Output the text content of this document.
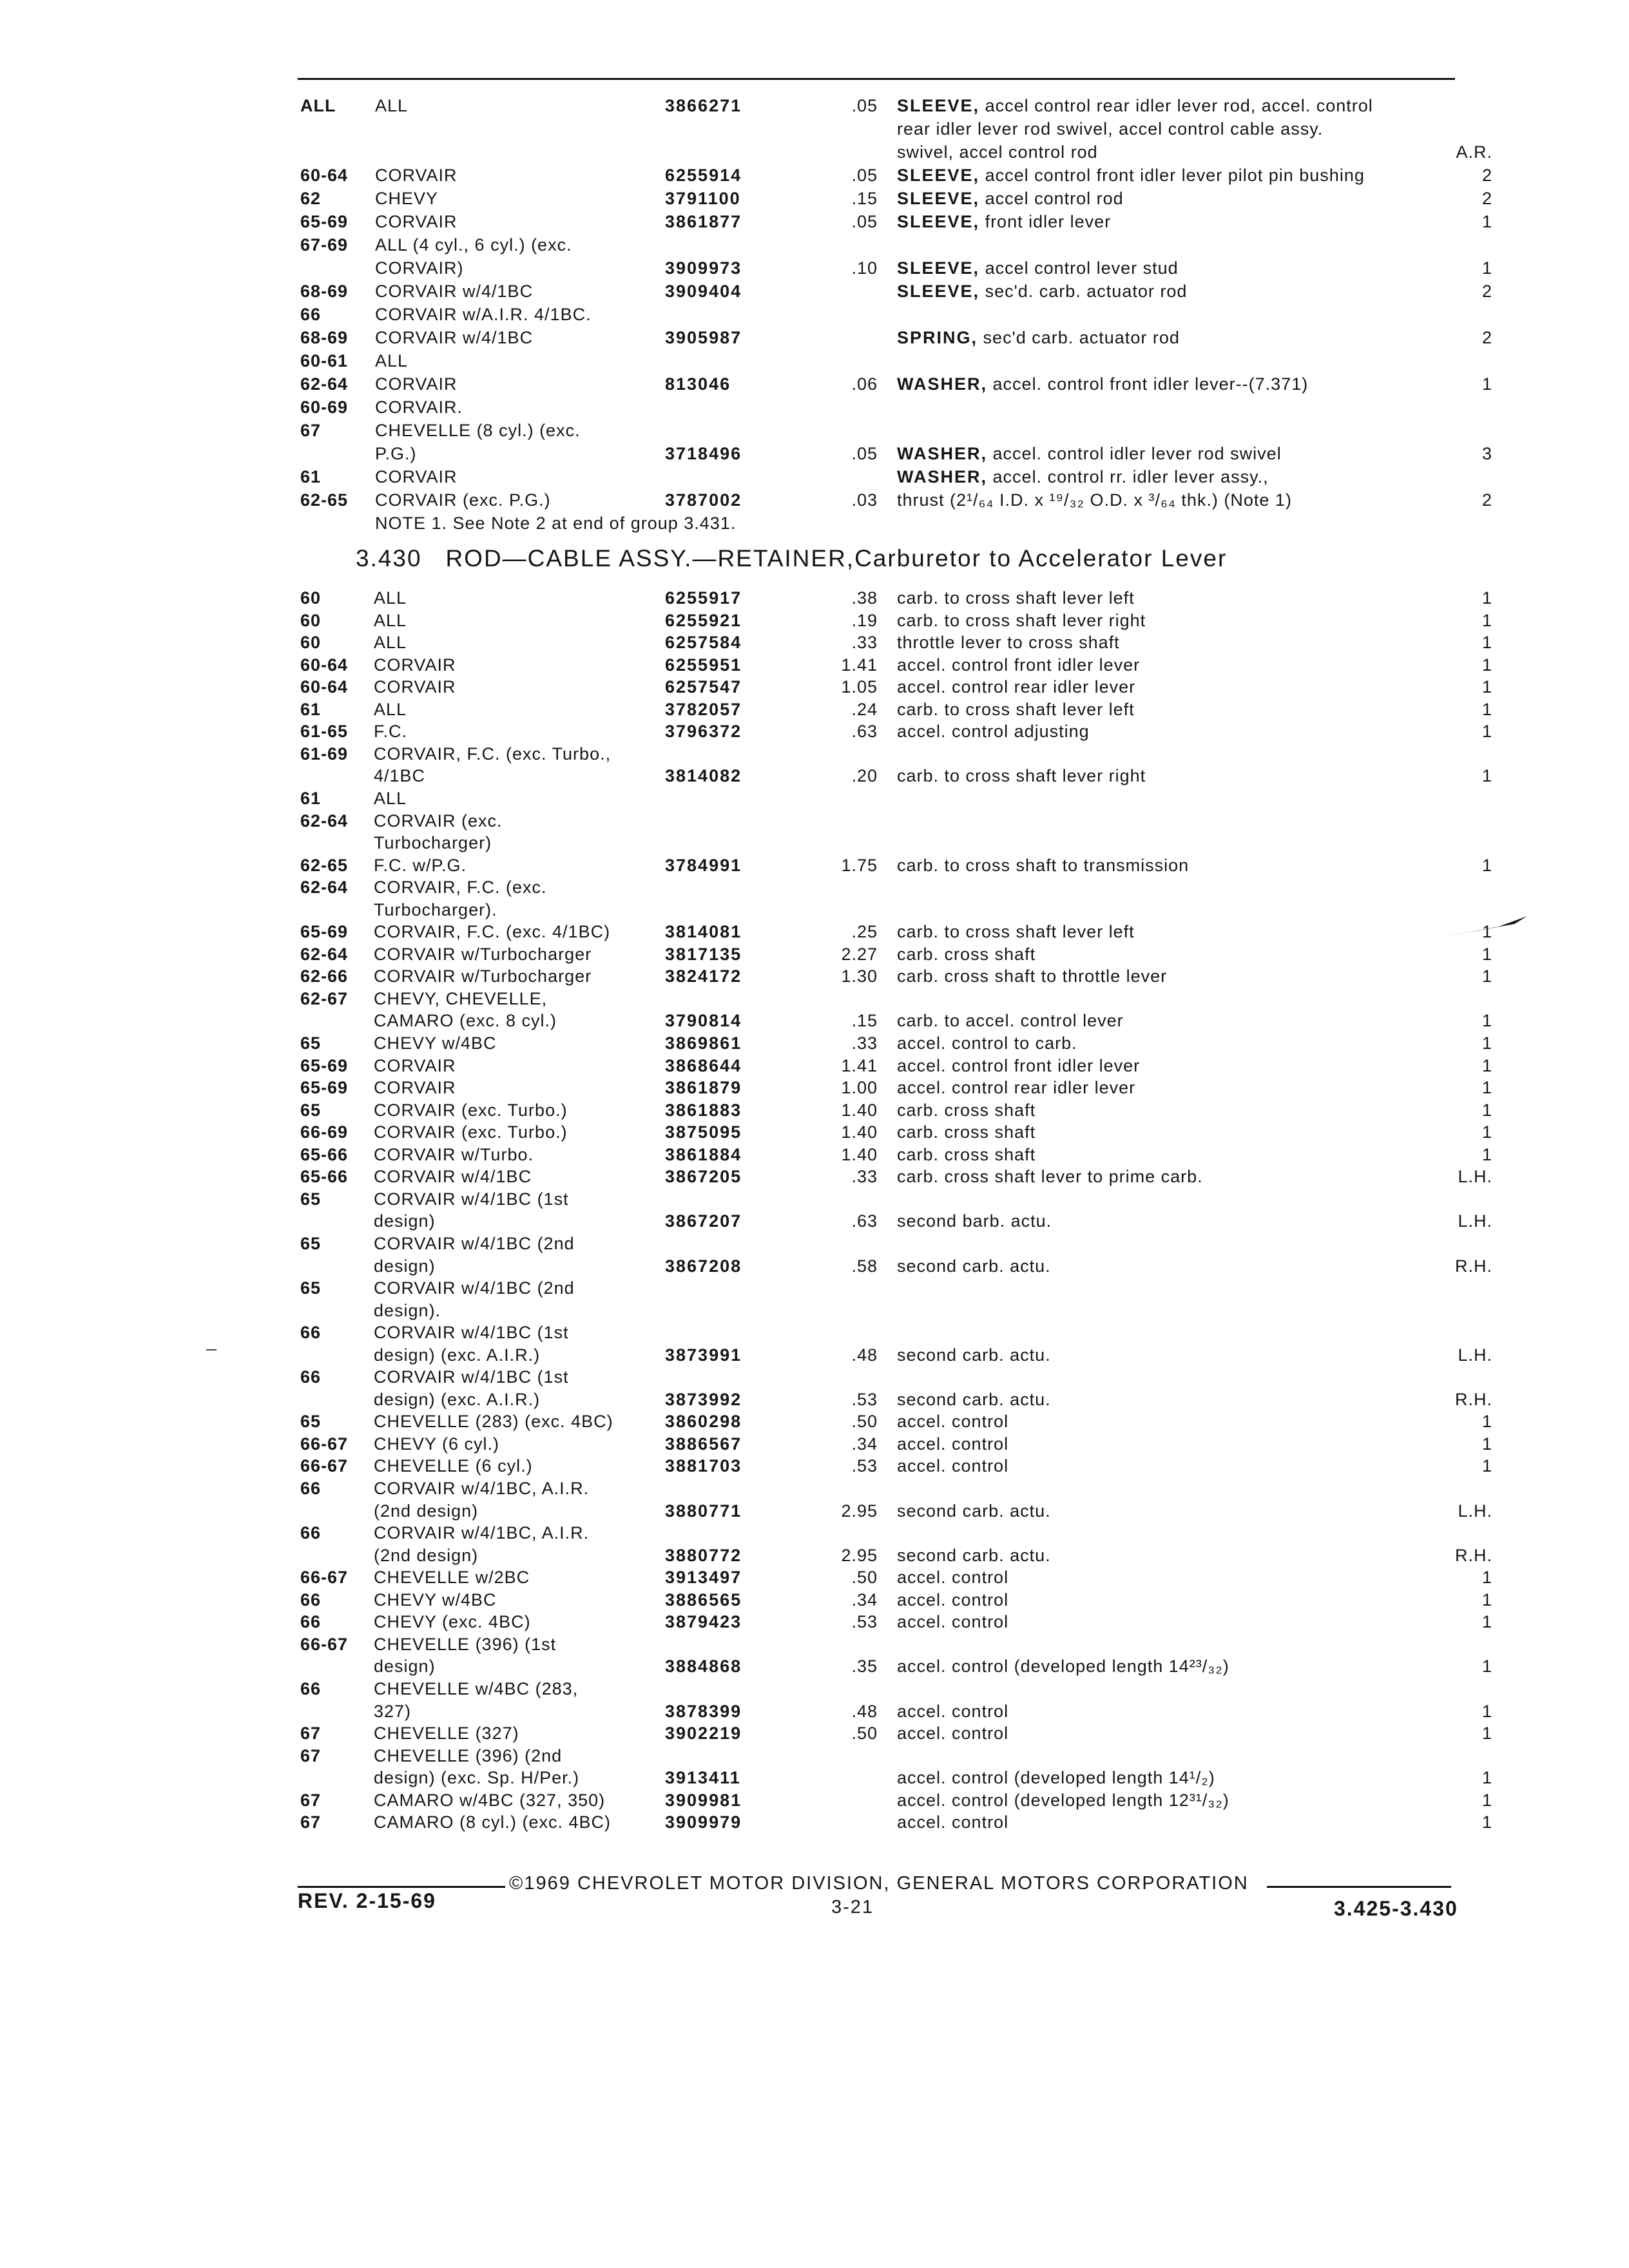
ALL ALL	3866271	.05 SLEEVE, accel control rear idler lever rod, accel. control
rear idler lever rod swivel, accel control cable assy.
swivel, accel control rod	A.R.
60-64 CORVAIR	6255914	.05 SLEEVE, accel control front idler lever pilot pin bushing	2
62	CHEVY	3791100	.15 SLEEVE, accel control rod	2
65-69 CORVAIR	3861877	.05 SLEEVE, front idler lever	1
67-69 ALL (4 cyl., 6 cyl.) (exc.
CORVAIR)	3909973	.10 SLEEVE, accel control lever stud	1
68-69 CORVAIR w/4/1BC	3909404	SLEEVE, sec'd. carb. actuator rod	2
66	CORVAIR w/A.I.R. 4/1BC.
68-69 CORVAIR w/4/1BC	3905987	SPRING, sec'd carb. actuator rod	2
60-61 ALL
62-64 CORVAIR	813046	.06 WASHER, accel. control front idler lever--(7.371)	1
60-69 CORVAIR.
67	CHEVELLE (8 cyl.) (exc.
P.G.)	3718496	.05 WASHER, accel. control idler lever rod swivel	3
61	CORVAIR	WASHER, accel. control rr. idler lever assy.,
62-65 CORVAIR (exc. P.G.)	3787002	.03 thrust (2¹/₆₄ I.D. x ¹⁹/₃₂ O.D. x ³/₆₄ thk.) (Note 1)	2
NOTE 1. See Note 2 at end of group 3.431.
3.430 ROD—CABLE ASSY.—RETAINER,Carburetor to Accelerator Lever
60	ALL	6255917	.38 carb. to cross shaft lever left	1
60	ALL	6255921	.19 carb. to cross shaft lever right	1
60	ALL	6257584	.33 throttle lever to cross shaft	1
60-64 CORVAIR	6255951	1.41 accel. control front idler lever	1
60-64 CORVAIR	6257547	1.05 accel. control rear idler lever	1
61	ALL	3782057	.24 carb. to cross shaft lever left	1
61-65 F.C.	3796372	.63 accel. control adjusting	1
61-69 CORVAIR, F.C. (exc. Turbo.,
4/1BC	3814082	.20 carb. to cross shaft lever right	1
61	ALL
62-64 CORVAIR (exc.
Turbocharger)
62-65 F.C. w/P.G.	3784991	1.75 carb. to cross shaft to transmission	1
62-64 CORVAIR, F.C. (exc.
Turbocharger).
65-69 CORVAIR, F.C. (exc. 4/1BC)	3814081	.25 carb. to cross shaft lever left	1
62-64 CORVAIR w/Turbocharger	3817135	2.27 carb. cross shaft	1
62-66 CORVAIR w/Turbocharger	3824172	1.30 carb. cross shaft to throttle lever	1
62-67 CHEVY, CHEVELLE,
CAMARO (exc. 8 cyl.)	3790814	.15 carb. to accel. control lever	1
65	CHEVY w/4BC	3869861	.33 accel. control to carb.	1
65-69 CORVAIR	3868644	1.41 accel. control front idler lever	1
65-69 CORVAIR	3861879	1.00 accel. control rear idler lever	1
65	CORVAIR (exc. Turbo.)	3861883	1.40 carb. cross shaft	1
66-69 CORVAIR (exc. Turbo.)	3875095	1.40 carb. cross shaft	1
65-66 CORVAIR w/Turbo.	3861884	1.40 carb. cross shaft	1
65-66 CORVAIR w/4/1BC	3867205	.33 carb. cross shaft lever to prime carb.	L.H.
65	CORVAIR w/4/1BC (1st
design)	3867207	.63 second barb. actu.	L.H.
65	CORVAIR w/4/1BC (2nd
design)	3867208	.58 second carb. actu.	R.H.
65	CORVAIR w/4/1BC (2nd
design).
66	CORVAIR w/4/1BC (1st
design) (exc. A.I.R.)	3873991	.48 second carb. actu.	L.H.
66	CORVAIR w/4/1BC (1st
design) (exc. A.I.R.)	3873992	.53 second carb. actu.	R.H.
65	CHEVELLE (283) (exc. 4BC)	3860298	.50 accel. control	1
66-67 CHEVY (6 cyl.)	3886567	.34 accel. control	1
66-67 CHEVELLE (6 cyl.)	3881703	.53 accel. control	1
66	CORVAIR w/4/1BC, A.I.R.
(2nd design)	3880771	2.95 second carb. actu.	L.H.
66	CORVAIR w/4/1BC, A.I.R.
(2nd design)	3880772	2.95 second carb. actu.	R.H.
66-67 CHEVELLE w/2BC	3913497	.50 accel. control	1
66	CHEVY w/4BC	3886565	.34 accel. control	1
66	CHEVY (exc. 4BC)	3879423	.53 accel. control	1
66-67 CHEVELLE (396) (1st
design)	3884868	.35 accel. control (developed length 14²³/₃₂)	1
66	CHEVELLE w/4BC (283,
327)	3878399	.48 accel. control	1
67	CHEVELLE (327)	3902219	.50 accel. control	1
67	CHEVELLE (396) (2nd
design) (exc. Sp. H/Per.)	3913411	accel. control (developed length 14¹/₂)	1
67	CAMARO w/4BC (327, 350)	3909981	accel. control (developed length 12³¹/₃₂)	1
67	CAMARO (8 cyl.) (exc. 4BC)	3909979	accel. control	1
©1969 CHEVROLET MOTOR DIVISION, GENERAL MOTORS CORPORATION
REV. 2-15-69	3-21	3.425-3.430
